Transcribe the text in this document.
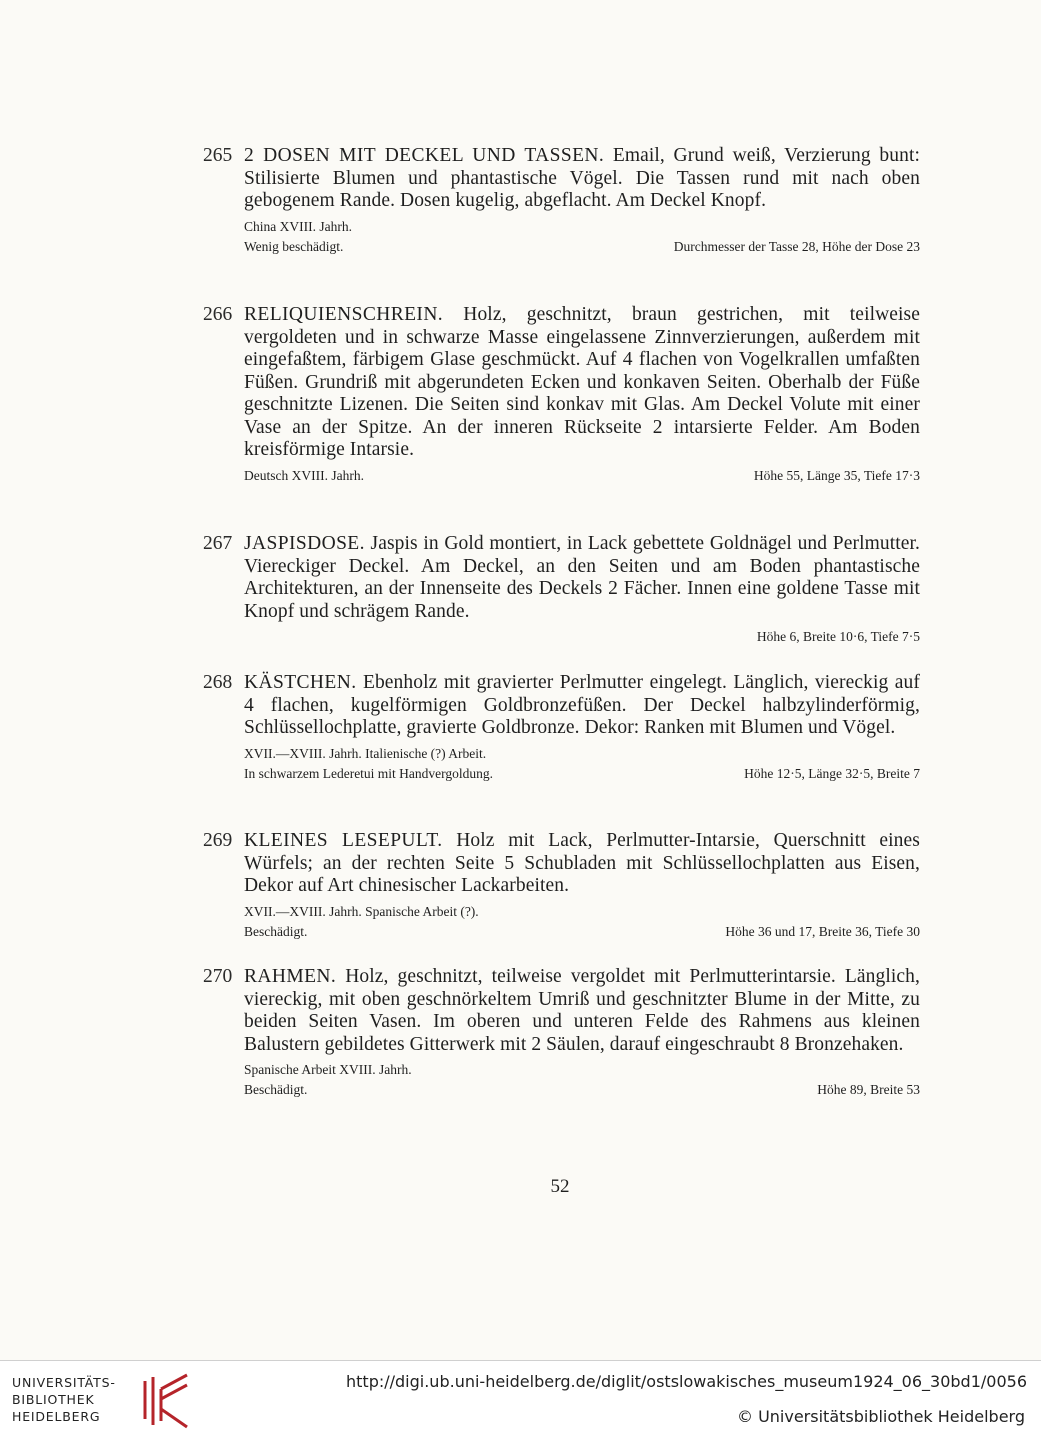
265 2 DOSEN MIT DECKEL UND TASSEN. Email, Grund weiß, Verzierung bunt: Stilisierte Blumen und phantastische Vögel. Die Tassen rund mit nach oben gebogenem Rande. Dosen kugelig, abgeflacht. Am Deckel Knopf.
China XVIII. Jahrh.
Wenig beschädigt.	Durchmesser der Tasse 28, Höhe der Dose 23
266 RELIQUIENSCHREIN. Holz, geschnitzt, braun gestrichen, mit teilweise vergoldeten und in schwarze Masse eingelassene Zinnverzierungen, außerdem mit eingefaßtem, färbigem Glase geschmückt. Auf 4 flachen von Vogelkrallen umfaßten Füßen. Grundriß mit abgerundeten Ecken und konkaven Seiten. Oberhalb der Füße geschnitzte Lizenen. Die Seiten sind konkav mit Glas. Am Deckel Volute mit einer Vase an der Spitze. An der inneren Rückseite 2 intarsierte Felder. Am Boden kreisförmige Intarsie.
Deutsch XVIII. Jahrh.	Höhe 55, Länge 35, Tiefe 17·3
267 JASPISDOSE. Jaspis in Gold montiert, in Lack gebettete Goldnägel und Perlmutter. Viereckiger Deckel. Am Deckel, an den Seiten und am Boden phantastische Architekturen, an der Innenseite des Deckels 2 Fächer. Innen eine goldene Tasse mit Knopf und schrägem Rande.
Höhe 6, Breite 10·6, Tiefe 7·5
268 KÄSTCHEN. Ebenholz mit gravierter Perlmutter eingelegt. Länglich, viereckig auf 4 flachen, kugelförmigen Goldbronzefüßen. Der Deckel halbzylinderförmig, Schlüssellochplatte, gravierte Goldbronze. Dekor: Ranken mit Blumen und Vögel.
XVII.—XVIII. Jahrh. Italienische (?) Arbeit.
In schwarzem Lederetui mit Handvergoldung.	Höhe 12·5, Länge 32·5, Breite 7
269 KLEINES LESEPULT. Holz mit Lack, Perlmutter-Intarsie, Querschnitt eines Würfels; an der rechten Seite 5 Schubladen mit Schlüssellochplatten aus Eisen, Dekor auf Art chinesischer Lackarbeiten.
XVII.—XVIII. Jahrh. Spanische Arbeit (?).
Beschädigt.	Höhe 36 und 17, Breite 36, Tiefe 30
270 RAHMEN. Holz, geschnitzt, teilweise vergoldet mit Perlmutterintarsie. Länglich, viereckig, mit oben geschnörkeltem Umriß und geschnitzter Blume in der Mitte, zu beiden Seiten Vasen. Im oberen und unteren Felde des Rahmens aus kleinen Balustern gebildetes Gitterwerk mit 2 Säulen, darauf eingeschraubt 8 Bronzehaken.
Spanische Arbeit XVIII. Jahrh.
Beschädigt.	Höhe 89, Breite 53
52
UNIVERSITÄTS-
BIBLIOTHEK
HEIDELBERG
http://digi.ub.uni-heidelberg.de/diglit/ostslowakisches_museum1924_06_30bd1/0056
© Universitätsbibliothek Heidelberg
